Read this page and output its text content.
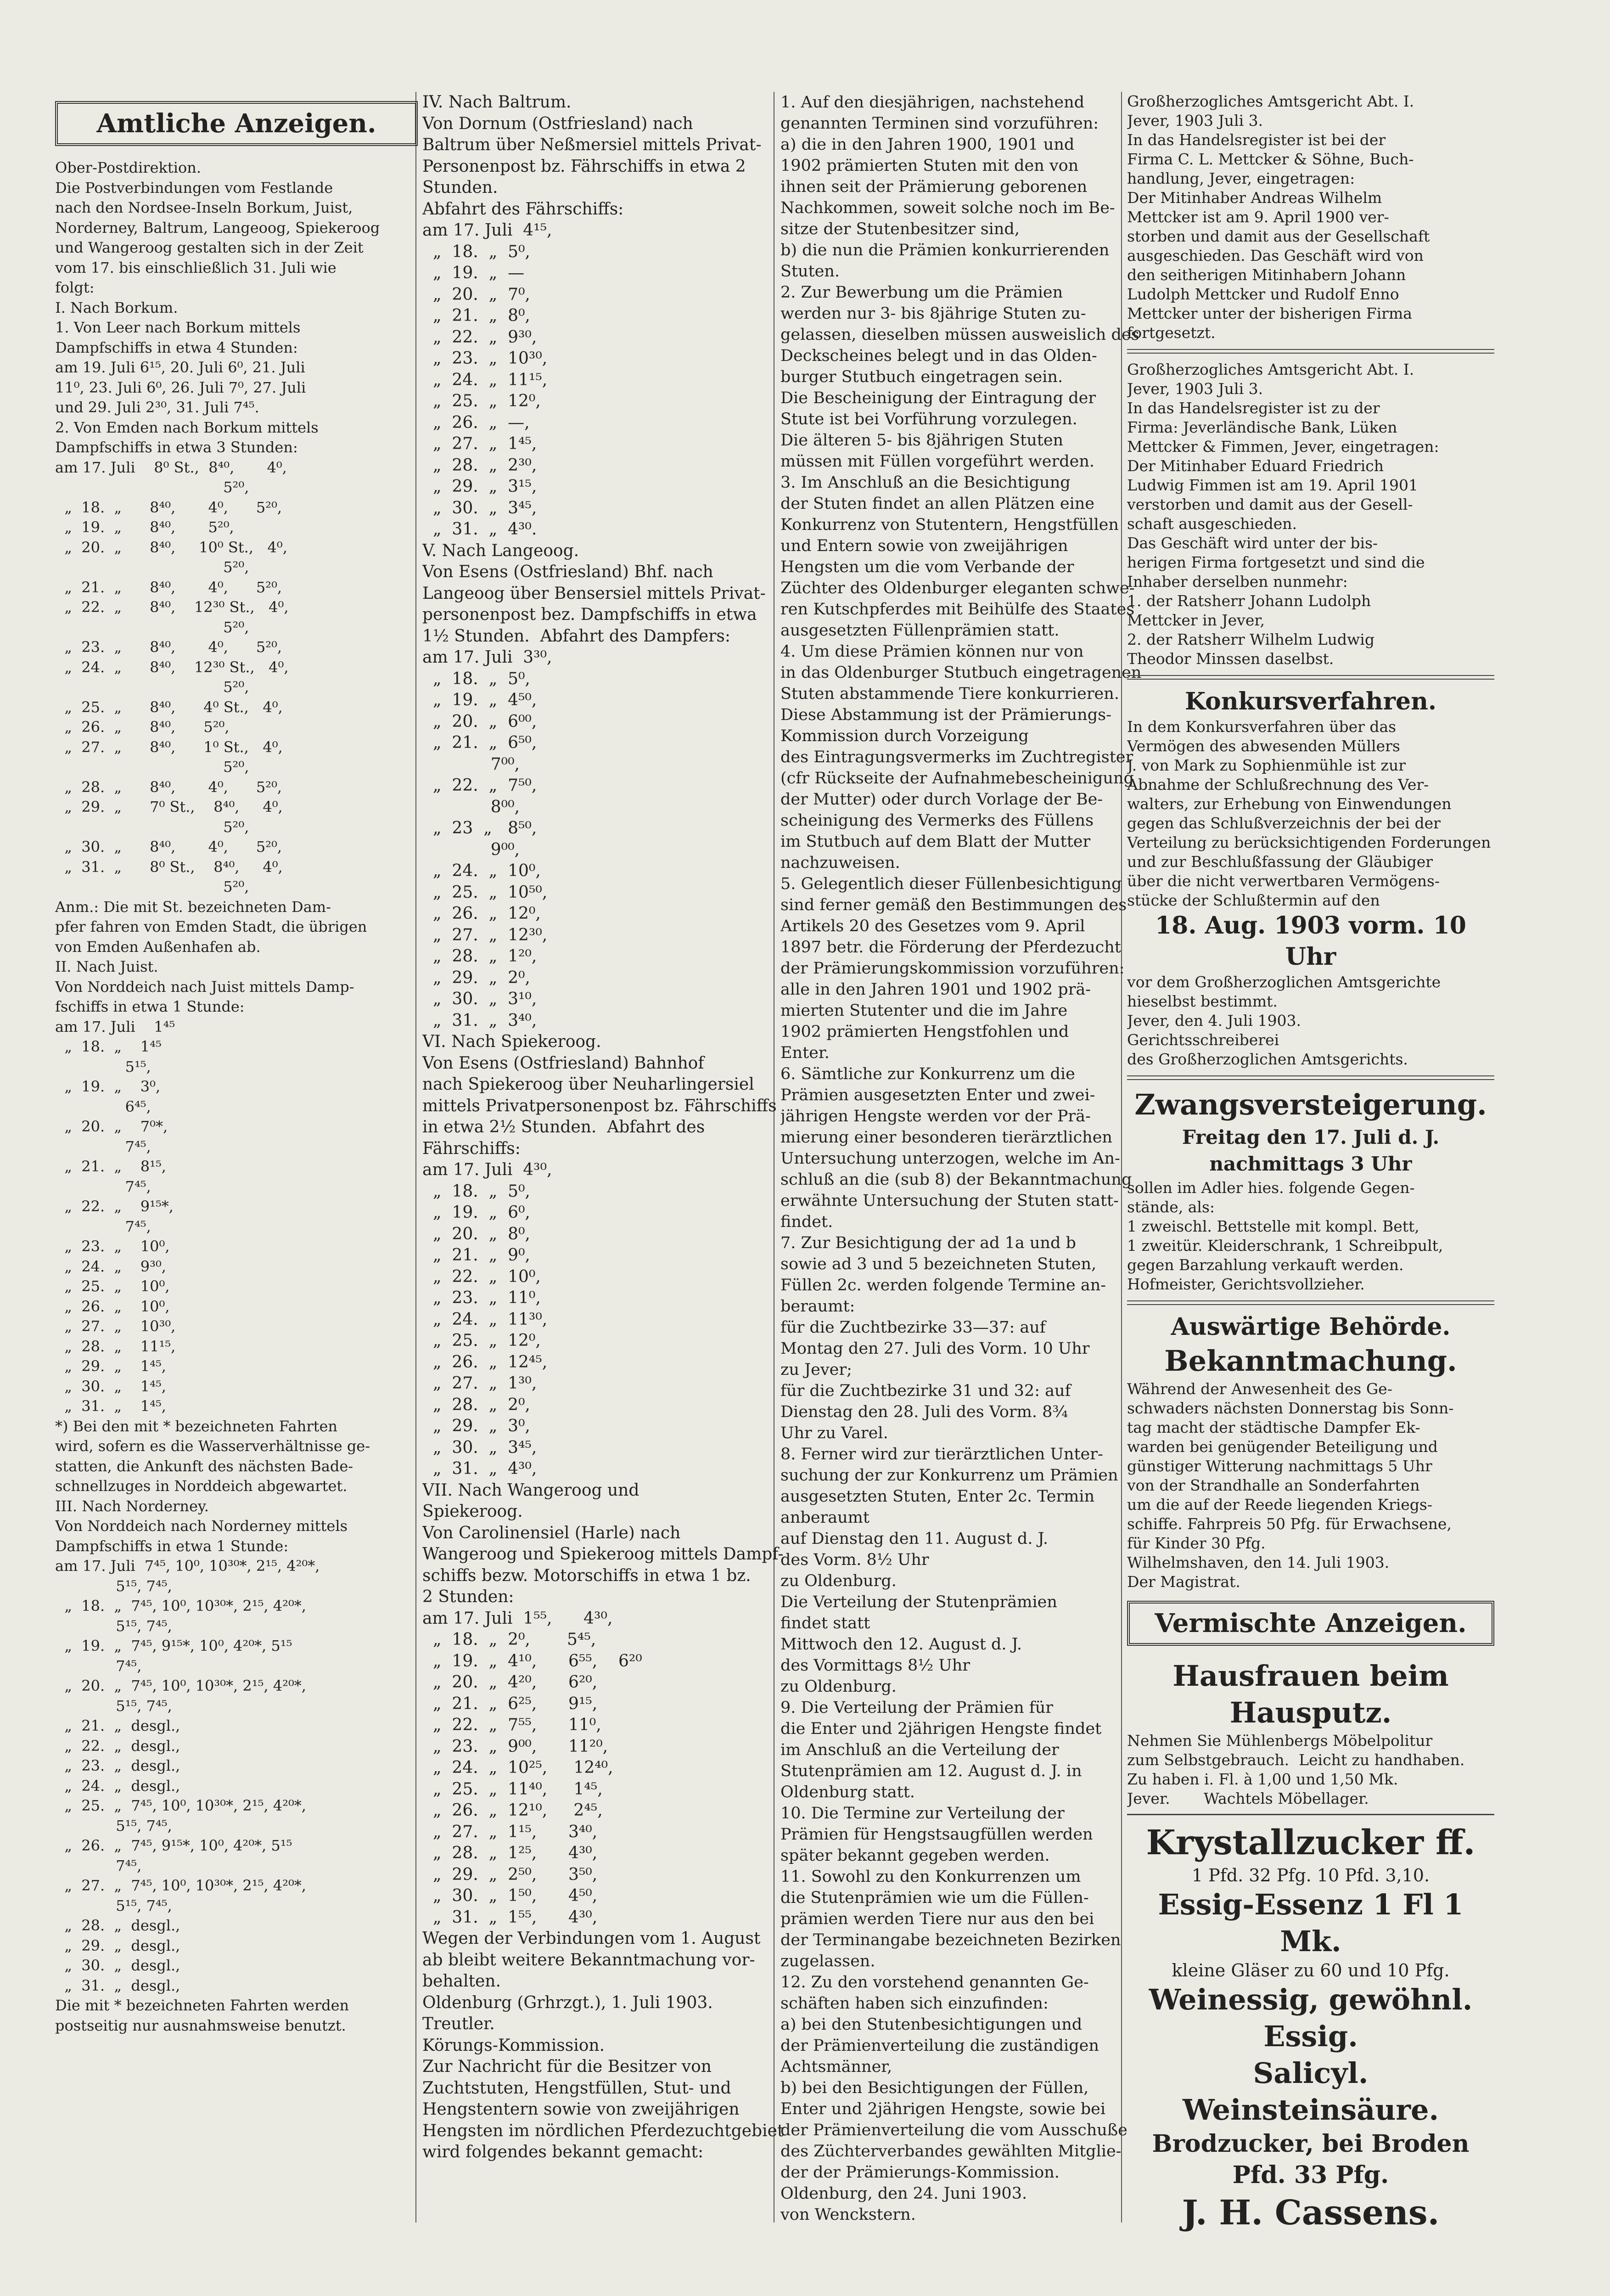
Amtliche Anzeigen.
Ober-Postdirektion.
Die Postverbindungen vom Festlande
nach den Nordsee-Inseln Borkum, Juist,
Norderney, Baltrum, Langeoog, Spiekeroog
und Wangeroog gestalten sich in der Zeit
vom 17. bis einschließlich 31. Juli wie
folgt:
I. Nach Borkum.
1. Von Leer nach Borkum mittels
Dampfschiffs in etwa 4 Stunden:
am 19. Juli 6¹⁵, 20. Juli 6⁰, 21. Juli
11⁰, 23. Juli 6⁰, 26. Juli 7⁰, 27. Juli
und 29. Juli 2³⁰, 31. Juli 7⁴⁵.
2. Von Emden nach Borkum mittels
Dampfschiffs in etwa 3 Stunden:
am 17. Juli    8⁰ St.,  8⁴⁰,       4⁰,
5²⁰,
„  18.  „      8⁴⁰,       4⁰,      5²⁰,
„  19.  „      8⁴⁰,       5²⁰,
„  20.  „      8⁴⁰,     10⁰ St.,   4⁰,
5²⁰,
„  21.  „      8⁴⁰,       4⁰,      5²⁰,
„  22.  „      8⁴⁰,    12³⁰ St.,   4⁰,
5²⁰,
„  23.  „      8⁴⁰,       4⁰,      5²⁰,
„  24.  „      8⁴⁰,    12³⁰ St.,   4⁰,
5²⁰,
„  25.  „      8⁴⁰,      4⁰ St.,   4⁰,
„  26.  „      8⁴⁰,      5²⁰,
„  27.  „      8⁴⁰,      1⁰ St.,   4⁰,
5²⁰,
„  28.  „      8⁴⁰,       4⁰,      5²⁰,
„  29.  „      7⁰ St.,    8⁴⁰,     4⁰,
5²⁰,
„  30.  „      8⁴⁰,       4⁰,      5²⁰,
„  31.  „      8⁰ St.,    8⁴⁰,     4⁰,
5²⁰,
Anm.: Die mit St. bezeichneten Dam-
pfer fahren von Emden Stadt, die übrigen
von Emden Außenhafen ab.
II. Nach Juist.
Von Norddeich nach Juist mittels Damp-
fschiffs in etwa 1 Stunde:
am 17. Juli    1⁴⁵
„  18.  „    1⁴⁵
5¹⁵,
„  19.  „    3⁰,
6⁴⁵,
„  20.  „    7⁰*,
7⁴⁵,
„  21.  „    8¹⁵,
7⁴⁵,
„  22.  „    9¹⁵*,
7⁴⁵,
„  23.  „    10⁰,
„  24.  „    9³⁰,
„  25.  „    10⁰,
„  26.  „    10⁰,
„  27.  „    10³⁰,
„  28.  „    11¹⁵,
„  29.  „    1⁴⁵,
„  30.  „    1⁴⁵,
„  31.  „    1⁴⁵,
*) Bei den mit * bezeichneten Fahrten
wird, sofern es die Wasserverhältnisse ge-
statten, die Ankunft des nächsten Bade-
schnellzuges in Norddeich abgewartet.
III. Nach Norderney.
Von Norddeich nach Norderney mittels
Dampfschiffs in etwa 1 Stunde:
am 17. Juli  7⁴⁵, 10⁰, 10³⁰*, 2¹⁵, 4²⁰*,
5¹⁵, 7⁴⁵,
„  18.  „  7⁴⁵, 10⁰, 10³⁰*, 2¹⁵, 4²⁰*,
5¹⁵, 7⁴⁵,
„  19.  „  7⁴⁵, 9¹⁵*, 10⁰, 4²⁰*, 5¹⁵
7⁴⁵,
„  20.  „  7⁴⁵, 10⁰, 10³⁰*, 2¹⁵, 4²⁰*,
5¹⁵, 7⁴⁵,
„  21.  „  desgl.,
„  22.  „  desgl.,
„  23.  „  desgl.,
„  24.  „  desgl.,
„  25.  „  7⁴⁵, 10⁰, 10³⁰*, 2¹⁵, 4²⁰*,
5¹⁵, 7⁴⁵,
„  26.  „  7⁴⁵, 9¹⁵*, 10⁰, 4²⁰*, 5¹⁵
7⁴⁵,
„  27.  „  7⁴⁵, 10⁰, 10³⁰*, 2¹⁵, 4²⁰*,
5¹⁵, 7⁴⁵,
„  28.  „  desgl.,
„  29.  „  desgl.,
„  30.  „  desgl.,
„  31.  „  desgl.,
Die mit * bezeichneten Fahrten werden
postseitig nur ausnahmsweise benutzt.
IV. Nach Baltrum.
Von Dornum (Ostfriesland) nach
Baltrum über Neßmersiel mittels Privat-
Personenpost bz. Fährschiffs in etwa 2
Stunden.
Abfahrt des Fährschiffs:
am 17. Juli  4¹⁵,
„  18.  „  5⁰,
„  19.  „  —
„  20.  „  7⁰,
„  21.  „  8⁰,
„  22.  „  9³⁰,
„  23.  „  10³⁰,
„  24.  „  11¹⁵,
„  25.  „  12⁰,
„  26.  „  —,
„  27.  „  1⁴⁵,
„  28.  „  2³⁰,
„  29.  „  3¹⁵,
„  30.  „  3⁴⁵,
„  31.  „  4³⁰.
V. Nach Langeoog.
Von Esens (Ostfriesland) Bhf. nach
Langeoog über Bensersiel mittels Privat-
personenpost bez. Dampfschiffs in etwa
1½ Stunden.  Abfahrt des Dampfers:
am 17. Juli  3³⁰,
„  18.  „  5⁰,
„  19.  „  4⁵⁰,
„  20.  „  6⁰⁰,
„  21.  „  6⁵⁰,
7⁰⁰,
„  22.  „  7⁵⁰,
8⁰⁰,
„  23  „   8⁵⁰,
9⁰⁰,
„  24.  „  10⁰,
„  25.  „  10⁵⁰,
„  26.  „  12⁰,
„  27.  „  12³⁰,
„  28.  „  1²⁰,
„  29.  „  2⁰,
„  30.  „  3¹⁰,
„  31.  „  3⁴⁰,
VI. Nach Spiekeroog.
Von Esens (Ostfriesland) Bahnhof
nach Spiekeroog über Neuharlingersiel
mittels Privatpersonenpost bz. Fährschiffs
in etwa 2½ Stunden.  Abfahrt des
Fährschiffs:
am 17. Juli  4³⁰,
„  18.  „  5⁰,
„  19.  „  6⁰,
„  20.  „  8⁰,
„  21.  „  9⁰,
„  22.  „  10⁰,
„  23.  „  11⁰,
„  24.  „  11³⁰,
„  25.  „  12⁰,
„  26.  „  12⁴⁵,
„  27.  „  1³⁰,
„  28.  „  2⁰,
„  29.  „  3⁰,
„  30.  „  3⁴⁵,
„  31.  „  4³⁰,
VII. Nach Wangeroog und
Spiekeroog.
Von Carolinensiel (Harle) nach
Wangeroog und Spiekeroog mittels Dampf-
schiffs bezw. Motorschiffs in etwa 1 bz.
2 Stunden:
am 17. Juli  1⁵⁵,      4³⁰,
„  18.  „  2⁰,       5⁴⁵,
„  19.  „  4¹⁰,      6⁵⁵,    6²⁰
„  20.  „  4²⁰,      6²⁰,
„  21.  „  6²⁵,      9¹⁵,
„  22.  „  7⁵⁵,      11⁰,
„  23.  „  9⁰⁰,      11²⁰,
„  24.  „  10²⁵,     12⁴⁰,
„  25.  „  11⁴⁰,     1⁴⁵,
„  26.  „  12¹⁰,     2⁴⁵,
„  27.  „  1¹⁵,      3⁴⁰,
„  28.  „  1²⁵,      4³⁰,
„  29.  „  2⁵⁰,      3⁵⁰,
„  30.  „  1⁵⁰,      4⁵⁰,
„  31.  „  1⁵⁵,      4³⁰,
Wegen der Verbindungen vom 1. August
ab bleibt weitere Bekanntmachung vor-
behalten.
Oldenburg (Grhrzgt.), 1. Juli 1903.
Treutler.
Körungs-Kommission.
Zur Nachricht für die Besitzer von
Zuchtstuten, Hengstfüllen, Stut- und
Hengstentern sowie von zweijährigen
Hengsten im nördlichen Pferdezuchtgebiet
wird folgendes bekannt gemacht:
1. Auf den diesjährigen, nachstehend
genannten Terminen sind vorzuführen:
a) die in den Jahren 1900, 1901 und
1902 prämierten Stuten mit den von
ihnen seit der Prämierung geborenen
Nachkommen, soweit solche noch im Be-
sitze der Stutenbesitzer sind,
b) die nun die Prämien konkurrierenden
Stuten.
2. Zur Bewerbung um die Prämien
werden nur 3- bis 8jährige Stuten zu-
gelassen, dieselben müssen ausweislich des
Deckscheines belegt und in das Olden-
burger Stutbuch eingetragen sein.
Die Bescheinigung der Eintragung der
Stute ist bei Vorführung vorzulegen.
Die älteren 5- bis 8jährigen Stuten
müssen mit Füllen vorgeführt werden.
3. Im Anschluß an die Besichtigung
der Stuten findet an allen Plätzen eine
Konkurrenz von Stutentern, Hengstfüllen
und Entern sowie von zweijährigen
Hengsten um die vom Verbande der
Züchter des Oldenburger eleganten schwe-
ren Kutschpferdes mit Beihülfe des Staates
ausgesetzten Füllenprämien statt.
4. Um diese Prämien können nur von
in das Oldenburger Stutbuch eingetragenen
Stuten abstammende Tiere konkurrieren.
Diese Abstammung ist der Prämierungs-
Kommission durch Vorzeigung
des Eintragungsvermerks im Zuchtregister
(cfr Rückseite der Aufnahmebescheinigung
der Mutter) oder durch Vorlage der Be-
scheinigung des Vermerks des Füllens
im Stutbuch auf dem Blatt der Mutter
nachzuweisen.
5. Gelegentlich dieser Füllenbesichtigung
sind ferner gemäß den Bestimmungen des
Artikels 20 des Gesetzes vom 9. April
1897 betr. die Förderung der Pferdezucht
der Prämierungskommission vorzuführen:
alle in den Jahren 1901 und 1902 prä-
mierten Stutenter und die im Jahre
1902 prämierten Hengstfohlen und
Enter.
6. Sämtliche zur Konkurrenz um die
Prämien ausgesetzten Enter und zwei-
jährigen Hengste werden vor der Prä-
mierung einer besonderen tierärztlichen
Untersuchung unterzogen, welche im An-
schluß an die (sub 8) der Bekanntmachung
erwähnte Untersuchung der Stuten statt-
findet.
7. Zur Besichtigung der ad 1a und b
sowie ad 3 und 5 bezeichneten Stuten,
Füllen 2c. werden folgende Termine an-
beraumt:
für die Zuchtbezirke 33—37: auf
Montag den 27. Juli des Vorm. 10 Uhr
zu Jever;
für die Zuchtbezirke 31 und 32: auf
Dienstag den 28. Juli des Vorm. 8¾
Uhr zu Varel.
8. Ferner wird zur tierärztlichen Unter-
suchung der zur Konkurrenz um Prämien
ausgesetzten Stuten, Enter 2c. Termin
anberaumt
auf Dienstag den 11. August d. J.
des Vorm. 8½ Uhr
zu Oldenburg.
Die Verteilung der Stutenprämien
findet statt
Mittwoch den 12. August d. J.
des Vormittags 8½ Uhr
zu Oldenburg.
9. Die Verteilung der Prämien für
die Enter und 2jährigen Hengste findet
im Anschluß an die Verteilung der
Stutenprämien am 12. August d. J. in
Oldenburg statt.
10. Die Termine zur Verteilung der
Prämien für Hengstsaugfüllen werden
später bekannt gegeben werden.
11. Sowohl zu den Konkurrenzen um
die Stutenprämien wie um die Füllen-
prämien werden Tiere nur aus den bei
der Terminangabe bezeichneten Bezirken
zugelassen.
12. Zu den vorstehend genannten Ge-
schäften haben sich einzufinden:
a) bei den Stutenbesichtigungen und
der Prämienverteilung die zuständigen
Achtsmänner,
b) bei den Besichtigungen der Füllen,
Enter und 2jährigen Hengste, sowie bei
der Prämienverteilung die vom Ausschuße
des Züchterverbandes gewählten Mitglie-
der der Prämierungs-Kommission.
Oldenburg, den 24. Juni 1903.
von Wenckstern.
Großherzogliches Amtsgericht Abt. I.
Jever, 1903 Juli 3.
In das Handelsregister ist bei der
Firma C. L. Mettcker & Söhne, Buch-
handlung, Jever, eingetragen:
Der Mitinhaber Andreas Wilhelm
Mettcker ist am 9. April 1900 ver-
storben und damit aus der Gesellschaft
ausgeschieden. Das Geschäft wird von
den seitherigen Mitinhabern Johann
Ludolph Mettcker und Rudolf Enno
Mettcker unter der bisherigen Firma
fortgesetzt.
Großherzogliches Amtsgericht Abt. I.
Jever, 1903 Juli 3.
In das Handelsregister ist zu der
Firma: Jeverländische Bank, Lüken
Mettcker & Fimmen, Jever, eingetragen:
Der Mitinhaber Eduard Friedrich
Ludwig Fimmen ist am 19. April 1901
verstorben und damit aus der Gesell-
schaft ausgeschieden.
Das Geschäft wird unter der bis-
herigen Firma fortgesetzt und sind die
Inhaber derselben nunmehr:
1. der Ratsherr Johann Ludolph
Mettcker in Jever,
2. der Ratsherr Wilhelm Ludwig
Theodor Minssen daselbst.
Konkursverfahren.
In dem Konkursverfahren über das
Vermögen des abwesenden Müllers
J. von Mark zu Sophienmühle ist zur
Abnahme der Schlußrechnung des Ver-
walters, zur Erhebung von Einwendungen
gegen das Schlußverzeichnis der bei der
Verteilung zu berücksichtigenden Forderungen
und zur Beschlußfassung der Gläubiger
über die nicht verwertbaren Vermögens-
stücke der Schlußtermin auf den
18. Aug. 1903 vorm. 10 Uhr
vor dem Großherzoglichen Amtsgerichte
hieselbst bestimmt.
Jever, den 4. Juli 1903.
Gerichtsschreiberei
des Großherzoglichen Amtsgerichts.
Zwangsversteigerung.
Freitag den 17. Juli d. J.
nachmittags 3 Uhr
sollen im Adler hies. folgende Gegen-
stände, als:
1 zweischl. Bettstelle mit kompl. Bett,
1 zweitür. Kleiderschrank, 1 Schreibpult,
gegen Barzahlung verkauft werden.
Hofmeister, Gerichtsvollzieher.
Auswärtige Behörde.
Bekanntmachung.
Während der Anwesenheit des Ge-
schwaders nächsten Donnerstag bis Sonn-
tag macht der städtische Dampfer Ek-
warden bei genügender Beteiligung und
günstiger Witterung nachmittags 5 Uhr
von der Strandhalle an Sonderfahrten
um die auf der Reede liegenden Kriegs-
schiffe. Fahrpreis 50 Pfg. für Erwachsene,
für Kinder 30 Pfg.
Wilhelmshaven, den 14. Juli 1903.
Der Magistrat.
Vermischte Anzeigen.
Hausfrauen beim Hausputz.
Nehmen Sie Mühlenbergs Möbelpolitur
zum Selbstgebrauch.  Leicht zu handhaben.
Zu haben i. Fl. à 1,00 und 1,50 Mk.
Jever.       Wachtels Möbellager.
Krystallzucker ff.
1 Pfd. 32 Pfg. 10 Pfd. 3,10.
Essig-Essenz 1 Fl 1 Mk.
kleine Gläser zu 60 und 10 Pfg.
Weinessig, gewöhnl. Essig.
Salicyl.
Weinsteinsäure.
Brodzucker, bei Broden Pfd. 33 Pfg.
J. H. Cassens.
